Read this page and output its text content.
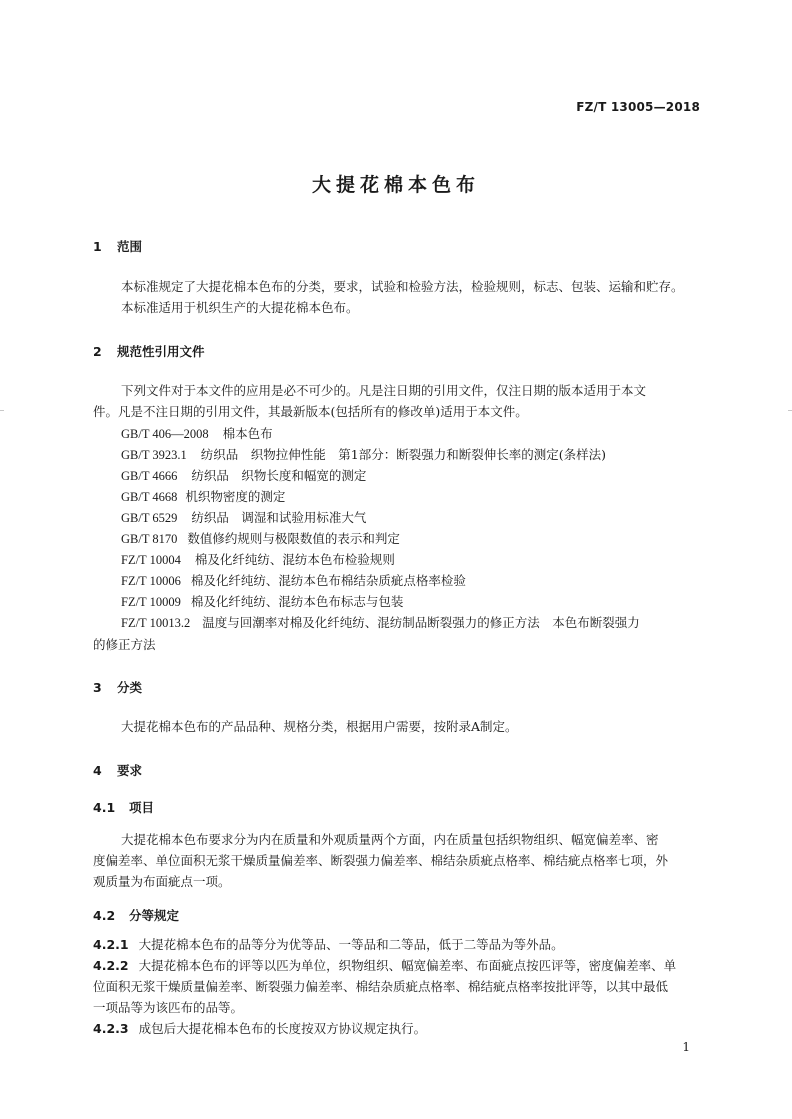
FZ/T 13005—2018
大提花棉本色布
1 范围
本标准规定了大提花棉本色布的分类，要求，试验和检验方法，检验规则，标志、包装、运输和贮存。
本标准适用于机织生产的大提花棉本色布。
2 规范性引用文件
下列文件对于本文件的应用是必不可少的。凡是注日期的引用文件，仅注日期的版本适用于本文
件。凡是不注日期的引用文件，其最新版本(包括所有的修改单)适用于本文件。
GB/T 406—2008 棉本色布
GB/T 3923.1 纺织品　织物拉伸性能　第1部分：断裂强力和断裂伸长率的测定(条样法)
GB/T 4666 纺织品　织物长度和幅宽的测定
GB/T 4668 机织物密度的测定
GB/T 6529 纺织品　调湿和试验用标准大气
GB/T 8170 数值修约规则与极限数值的表示和判定
FZ/T 10004 棉及化纤纯纺、混纺本色布检验规则
FZ/T 10006 棉及化纤纯纺、混纺本色布棉结杂质疵点格率检验
FZ/T 10009 棉及化纤纯纺、混纺本色布标志与包装
FZ/T 10013.2 温度与回潮率对棉及化纤纯纺、混纺制品断裂强力的修正方法　本色布断裂强力
的修正方法
3 分类
大提花棉本色布的产品品种、规格分类，根据用户需要，按附录A制定。
4 要求
4.1 项目
大提花棉本色布要求分为内在质量和外观质量两个方面，内在质量包括织物组织、幅宽偏差率、密
度偏差率、单位面积无浆干燥质量偏差率、断裂强力偏差率、棉结杂质疵点格率、棉结疵点格率七项，外
观质量为布面疵点一项。
4.2 分等规定
4.2.1 大提花棉本色布的品等分为优等品、一等品和二等品，低于二等品为等外品。
4.2.2 大提花棉本色布的评等以匹为单位，织物组织、幅宽偏差率、布面疵点按匹评等，密度偏差率、单
位面积无浆干燥质量偏差率、断裂强力偏差率、棉结杂质疵点格率、棉结疵点格率按批评等，以其中最低
一项品等为该匹布的品等。
4.2.3 成包后大提花棉本色布的长度按双方协议规定执行。
1
